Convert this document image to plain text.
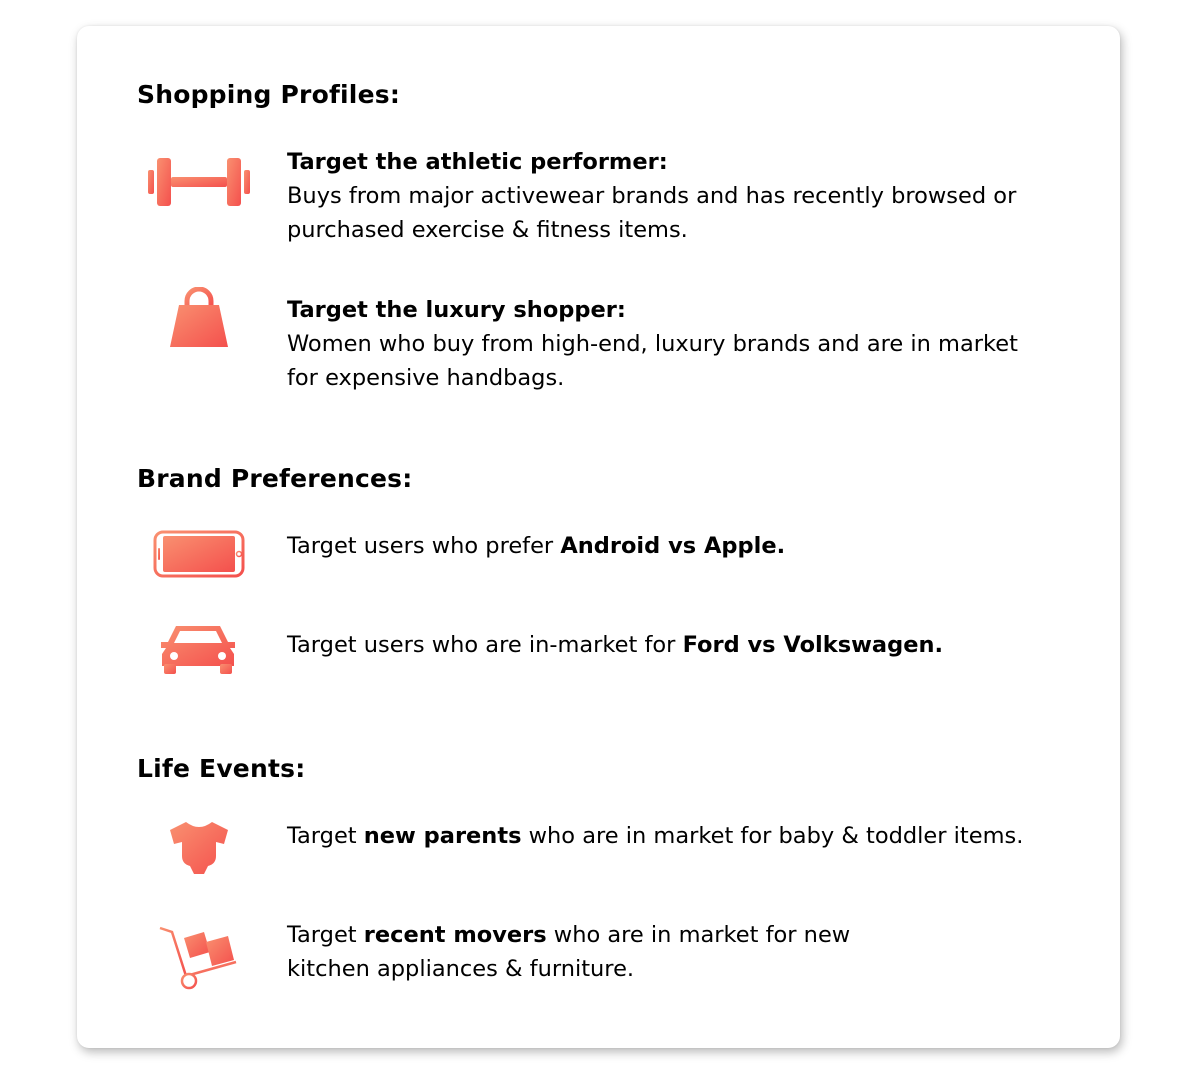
Shopping Profiles:
Target the athletic performer:
Buys from major activewear brands and has recently browsed or purchased exercise & fitness items.
Target the luxury shopper:
Women who buy from high-end, luxury brands and are in market for expensive handbags.
Brand Preferences:
Target users who prefer Android vs Apple.
Target users who are in-market for Ford vs Volkswagen.
Life Events:
Target new parents who are in market for baby & toddler items.
Target recent movers who are in market for new kitchen appliances & furniture.
